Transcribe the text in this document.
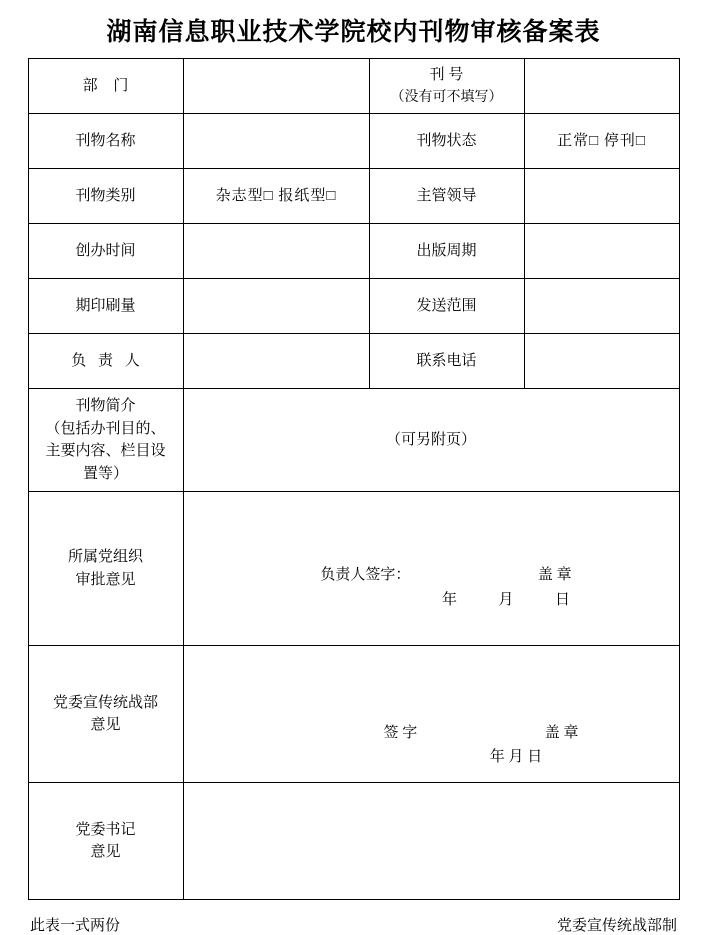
湖南信息职业技术学院校内刊物审核备案表
部 门		刊 号
（没有可不填写）	

刊物名称		刊物状态	正常□ 停刊□
刊物类别	杂志型□ 报纸型□	主管领导	
创办时间		出版周期	
期印刷量		发送范围	
负 责 人		联系电话	

刊物简介
（包括办刊目的、
主要内容、栏目设
置等）	（可另附页）		

所属党组织
审批意见	负责人签字：	盖 章
年	月	日

党委宣传统战部
意见	签 字	盖 章
年 月 日

党委书记
意见			

此表一式两份	党委宣传统战部制
